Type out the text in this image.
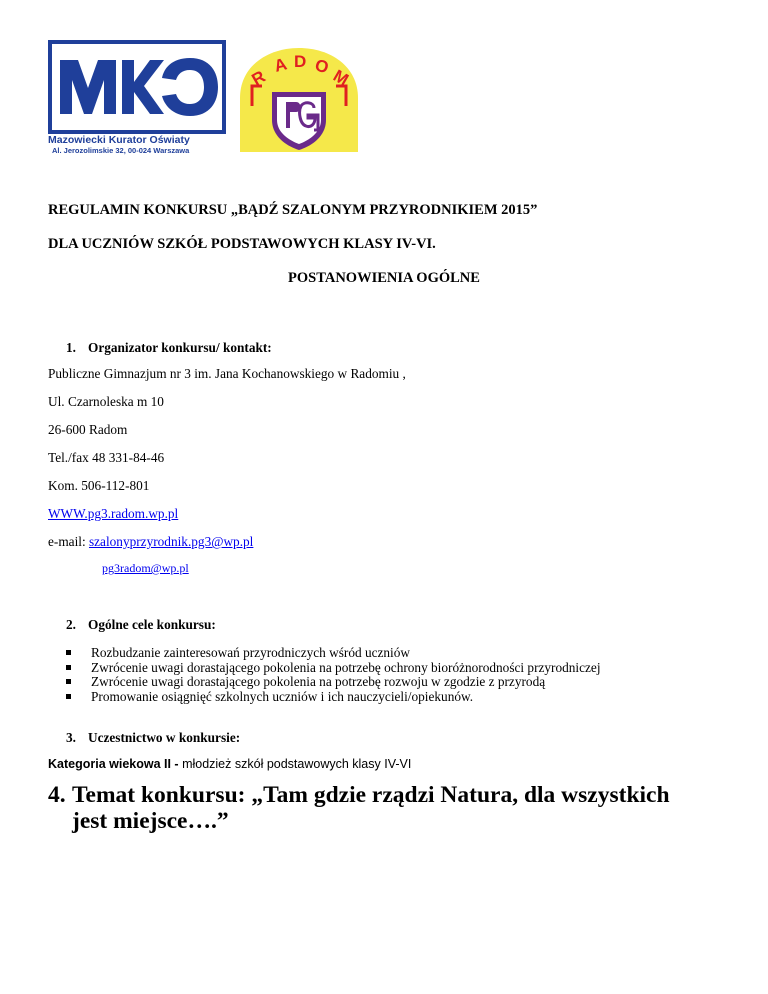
Mazowiecki Kurator Oświaty
Al. Jerozolimskie 32, 00-024 Warszawa
R
A D O M
REGULAMIN KONKURSU „BĄDŹ SZALONYM PRZYRODNIKIEM 2015”
DLA UCZNIÓW SZKÓŁ PODSTAWOWYCH KLASY IV-VI.
POSTANOWIENIA OGÓLNE
1. Organizator konkursu/ kontakt:
Publiczne Gimnazjum nr 3 im. Jana Kochanowskiego w Radomiu ,
Ul. Czarnoleska m 10
26-600 Radom
Tel./fax 48 331-84-46
Kom. 506-112-801
WWW.pg3.radom.wp.pl
e-mail: szalonyprzyrodnik.pg3@wp.pl
pg3radom@wp.pl
2. Ogólne cele konkursu:
Rozbudzanie zainteresowań przyrodniczych wśród uczniów
Zwrócenie uwagi dorastającego pokolenia na potrzebę ochrony bioróżnorodności przyrodniczej
Zwrócenie uwagi dorastającego pokolenia na potrzebę rozwoju w zgodzie z przyrodą
Promowanie osiągnięć szkolnych uczniów i ich nauczycieli/opiekunów.
3. Uczestnictwo w konkursie:
Kategoria wiekowa II - młodzież szkół podstawowych klasy IV-VI
4. Temat konkursu: „Tam gdzie rządzi Natura, dla wszystkich
jest miejsce….”
